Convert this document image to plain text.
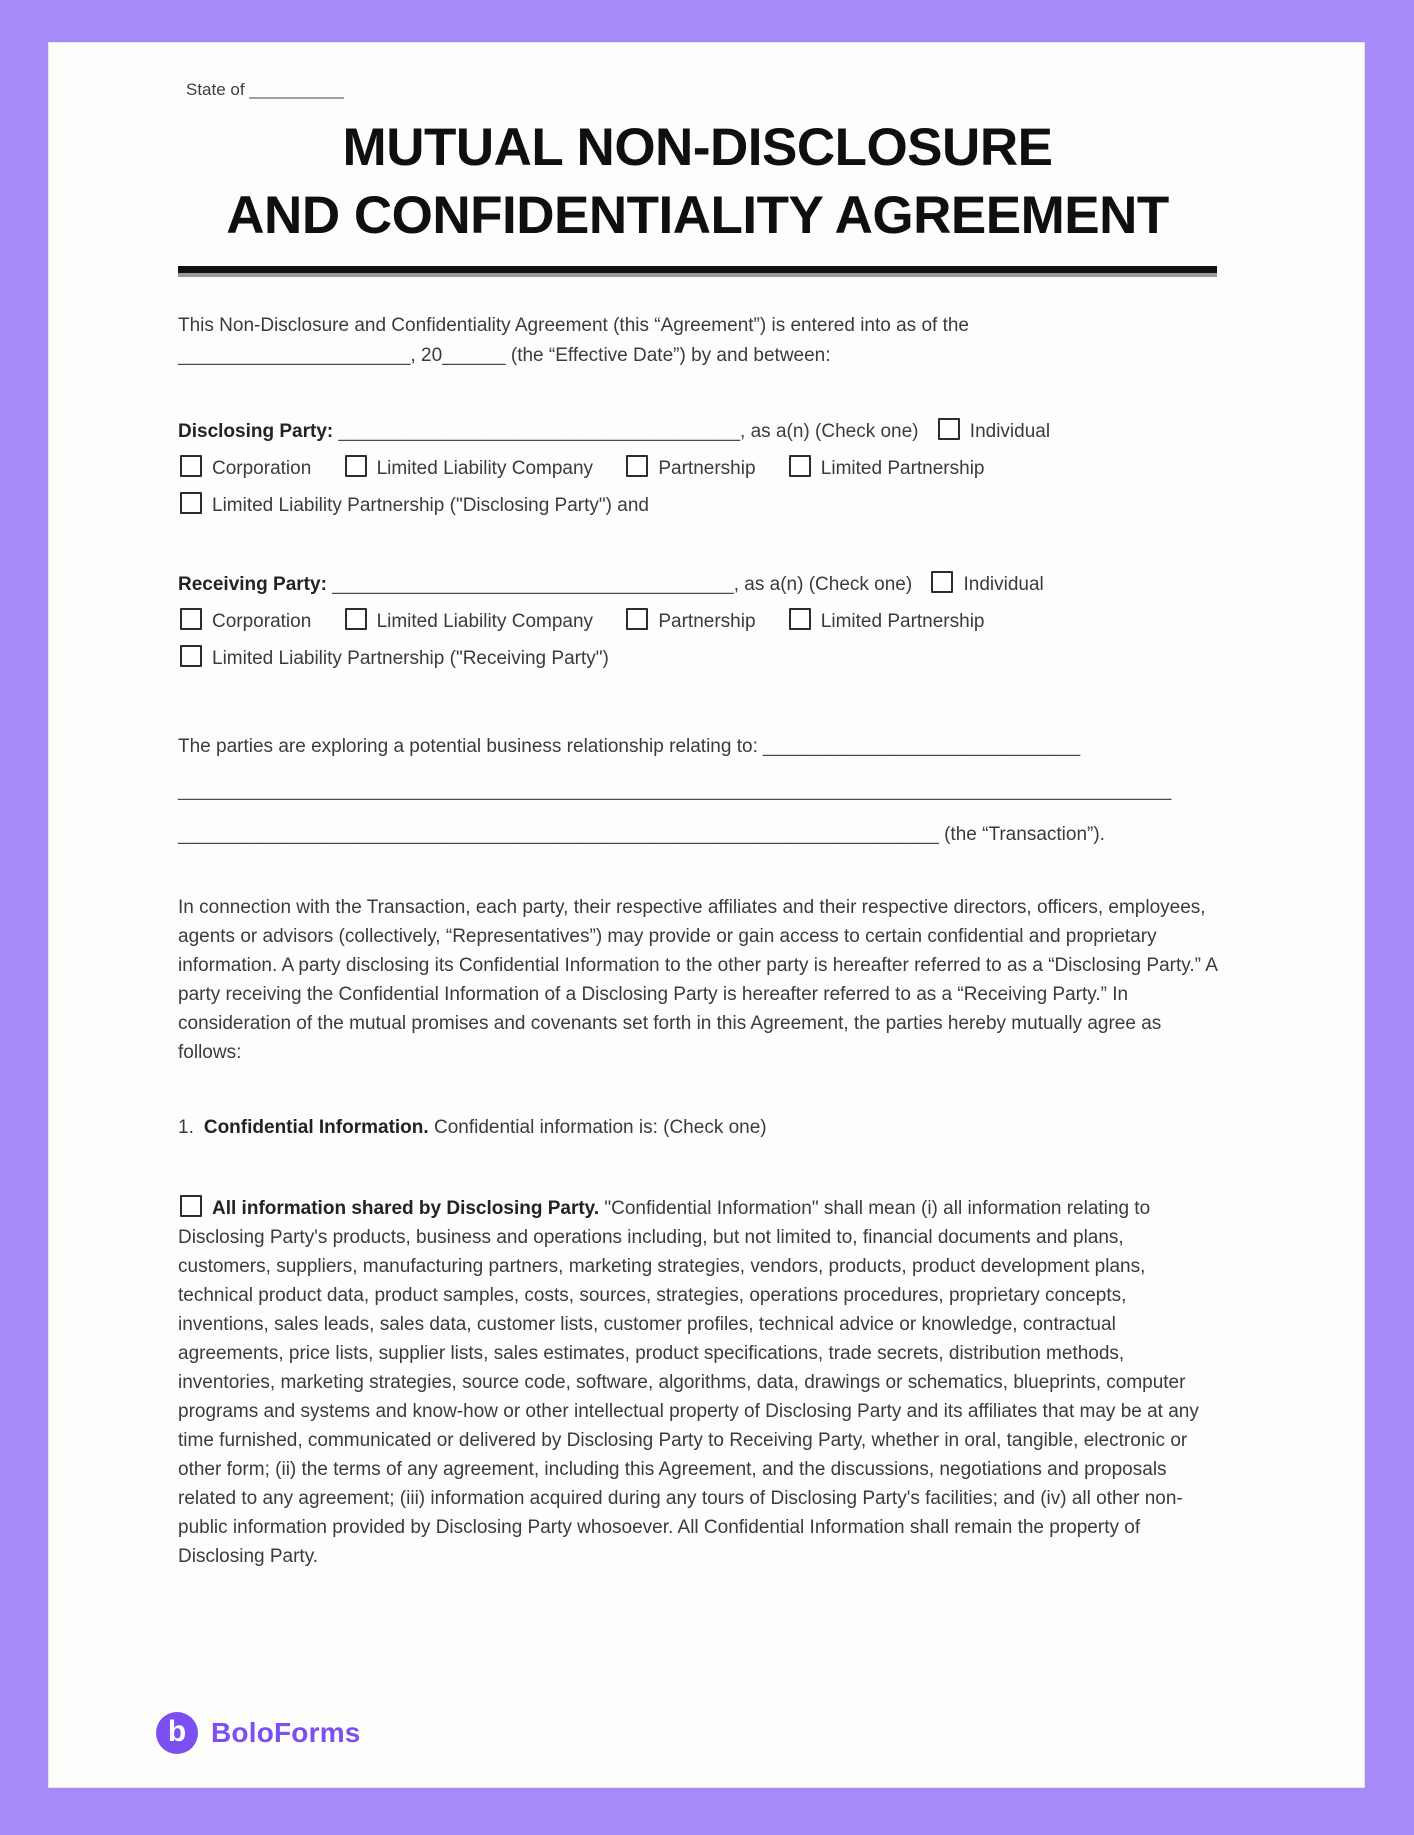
State of __________
MUTUAL NON-DISCLOSURE
AND CONFIDENTIALITY AGREEMENT
This Non-Disclosure and Confidentiality Agreement (this “Agreement”) is entered into as of the
______________________, 20______ (the “Effective Date”) by and between:
Disclosing Party: ______________________________________, as a(n) (Check one)	Individual
Corporation	Limited Liability Company	Partnership	Limited Partnership
Limited Liability Partnership ("Disclosing Party") and
Receiving Party: ______________________________________, as a(n) (Check one)	Individual
Corporation	Limited Liability Company	Partnership	Limited Partnership
Limited Liability Partnership ("Receiving Party")
The parties are exploring a potential business relationship relating to: ______________________________
______________________________________________________________________________________________
________________________________________________________________________ (the “Transaction”).
In connection with the Transaction, each party, their respective affiliates and their respective directors, officers, employees, agents or advisors (collectively, “Representatives”) may provide or gain access to certain confidential and proprietary information. A party disclosing its Confidential Information to the other party is hereafter referred to as a “Disclosing Party.” A party receiving the Confidential Information of a Disclosing Party is hereafter referred to as a “Receiving Party.” In consideration of the mutual promises and covenants set forth in this Agreement, the parties hereby mutually agree as follows:
1. Confidential Information. Confidential information is: (Check one)
All information shared by Disclosing Party. "Confidential Information" shall mean (i) all information relating to Disclosing Party's products, business and operations including, but not limited to, financial documents and plans, customers, suppliers, manufacturing partners, marketing strategies, vendors, products, product development plans, technical product data, product samples, costs, sources, strategies, operations procedures, proprietary concepts, inventions, sales leads, sales data, customer lists, customer profiles, technical advice or knowledge, contractual agreements, price lists, supplier lists, sales estimates, product specifications, trade secrets, distribution methods, inventories, marketing strategies, source code, software, algorithms, data, drawings or schematics, blueprints, computer programs and systems and know-how or other intellectual property of Disclosing Party and its affiliates that may be at any time furnished, communicated or delivered by Disclosing Party to Receiving Party, whether in oral, tangible, electronic or other form; (ii) the terms of any agreement, including this Agreement, and the discussions, negotiations and proposals related to any agreement; (iii) information acquired during any tours of Disclosing Party's facilities; and (iv) all other non-public information provided by Disclosing Party whosoever. All Confidential Information shall remain the property of Disclosing Party.
b BoloForms
